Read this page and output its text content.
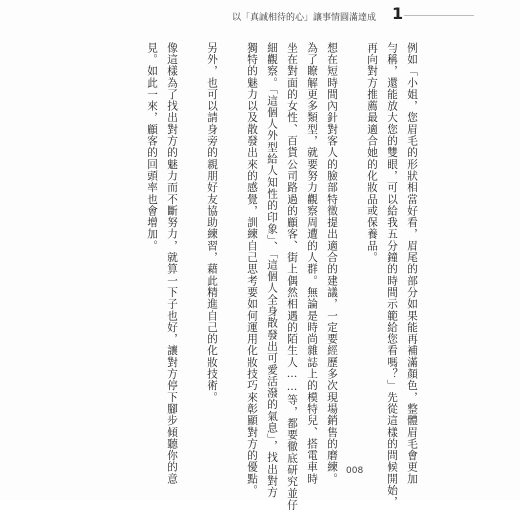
以「真誠相待的心」讓事情圓滿達成 1
例如「小姐，您眉毛的形狀相當好看，眉尾的部分如果能再補滿顏色，整體眉毛會更加
勻稱，還能放大您的雙眼，可以給我五分鐘的時間示範給您看嗎？」先從這樣的問候開始，
再向對方推薦最適合她的化妝品或保養品。
想在短時間內針對客人的臉部特徵提出適合的建議，一定要經歷多次現場銷售的磨練。
為了瞭解更多類型，就要努力觀察周遭的人群。無論是時尚雜誌上的模特兒、搭電車時
坐在對面的女性、百貨公司路過的顧客、街上偶然相遇的陌生人……等，都要徹底研究並仔
細觀察。「這個人外型給人知性的印象」、「這個人全身散發出可愛活潑的氣息」，找出對方
獨特的魅力以及散發出來的感覺，訓練自己思考要如何運用化妝技巧來彰顯對方的優點。
另外，也可以請身旁的親朋好友協助練習，藉此精進自己的化妝技術。
像這樣為了找出對方的魅力而不斷努力，就算一下子也好，讓對方停下腳步傾聽你的意
見。如此一來，顧客的回頭率也會增加。
008
